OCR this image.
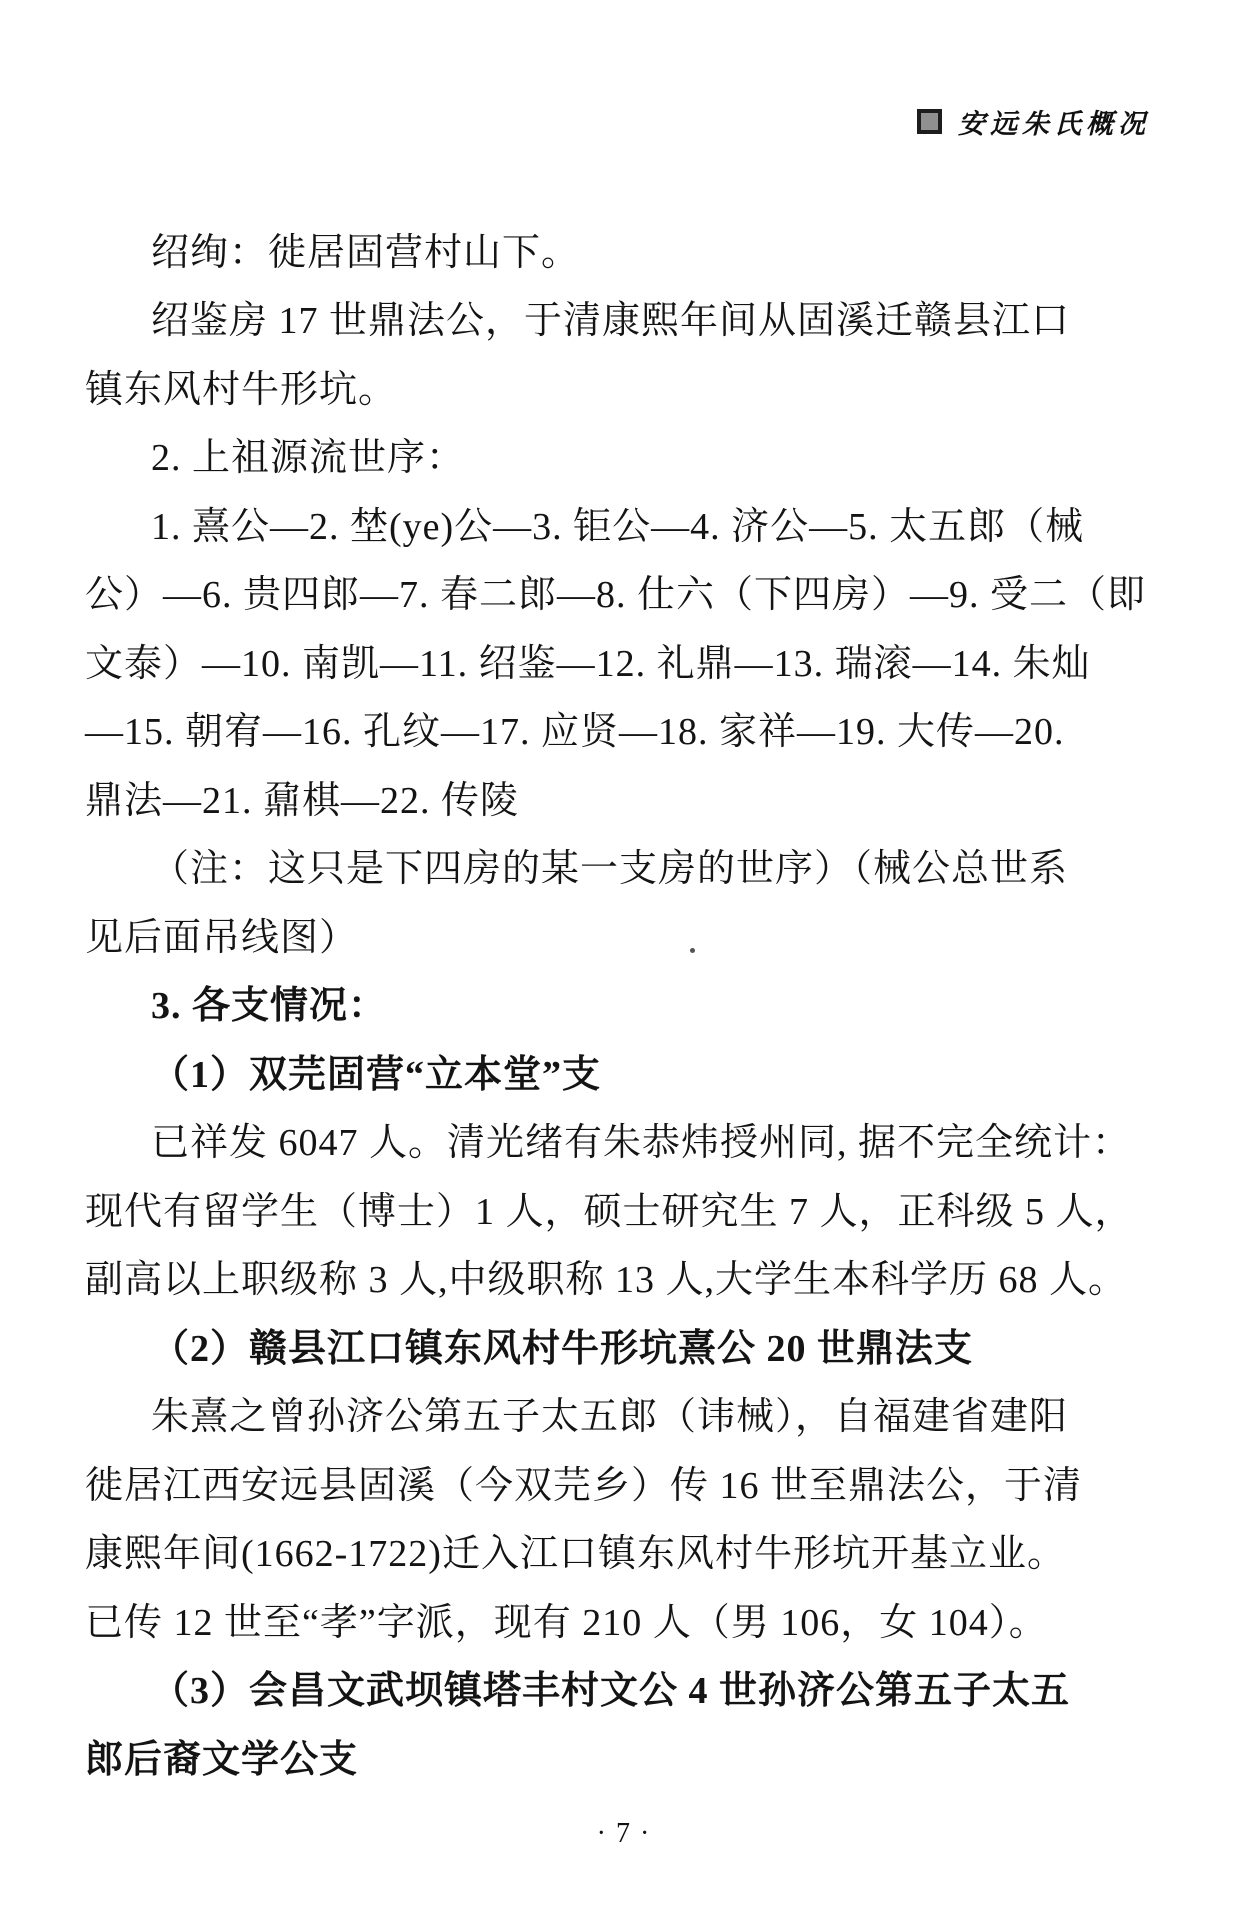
安远朱氏概况
绍绚：徙居固营村山下。
绍鉴房 17 世鼎法公，于清康熙年间从固溪迁赣县江口
镇东风村牛形坑。
2. 上祖源流世序：
1. 熹公—2. 埜(ye)公—3. 钜公—4. 济公—5. 太五郎（械
公）—6. 贵四郎—7. 春二郎—8. 仕六（下四房）—9. 受二（即
文泰）—10. 南凯—11. 绍鉴—12. 礼鼎—13. 瑞滚—14. 朱灿
—15. 朝宥—16. 孔纹—17. 应贤—18. 家祥—19. 大传—20.
鼎法—21. 鼐棋—22. 传陵
（注：这只是下四房的某一支房的世序）（械公总世系
见后面吊线图）
3. 各支情况：
（1）双芫固营“立本堂”支
已祥发 6047 人。清光绪有朱恭炜授州同, 据不完全统计：
现代有留学生（博士）1 人，硕士研究生 7 人，正科级 5 人，
副高以上职级称 3 人,中级职称 13 人,大学生本科学历 68 人。
（2）赣县江口镇东风村牛形坑熹公 20 世鼎法支
朱熹之曾孙济公第五子太五郎（讳械），自福建省建阳
徙居江西安远县固溪（今双芫乡）传 16 世至鼎法公，于清
康熙年间(1662-1722)迁入江口镇东风村牛形坑开基立业。
已传 12 世至“孝”字派，现有 210 人（男 106，女 104）。
（3）会昌文武坝镇塔丰村文公 4 世孙济公第五子太五
郎后裔文学公支
·7·
